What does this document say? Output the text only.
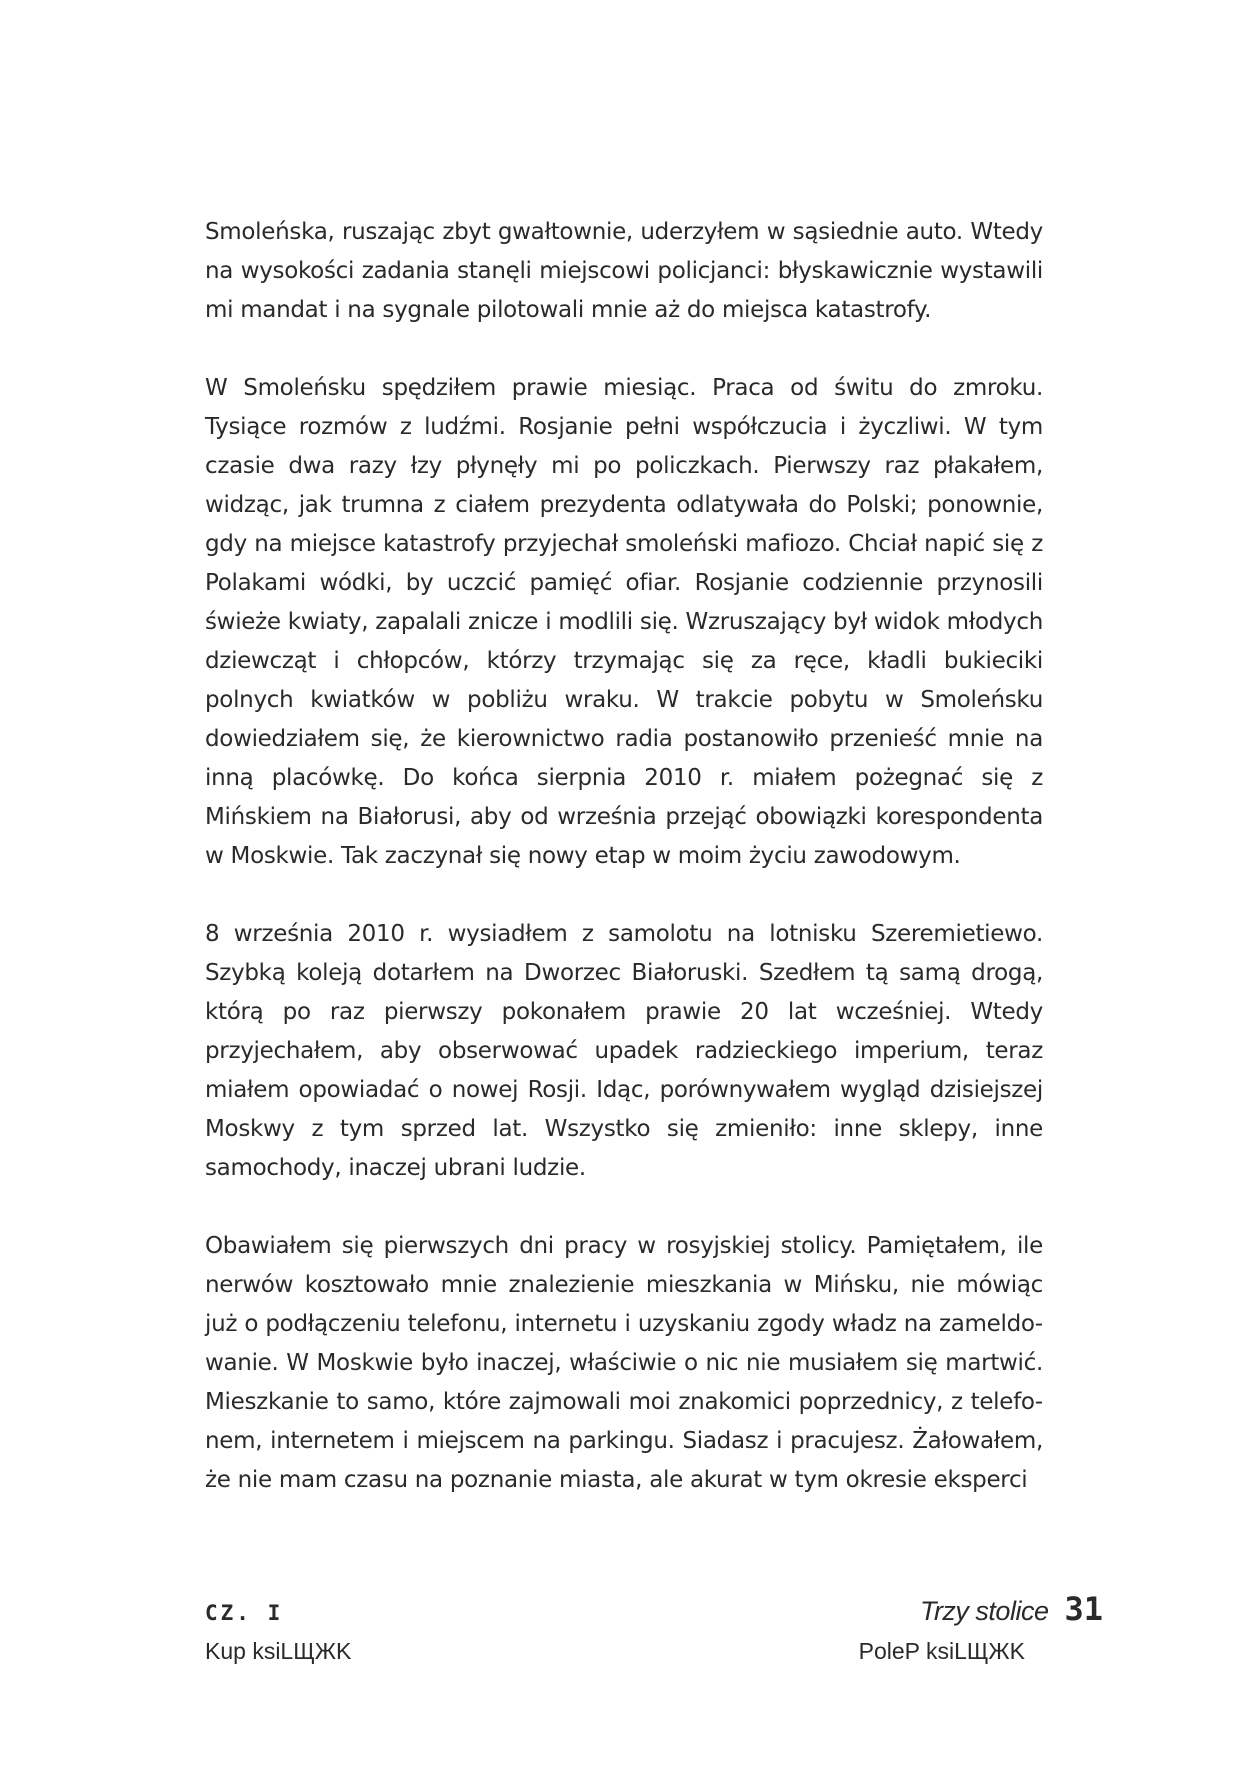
Smoleńska, ruszając zbyt gwałtownie, uderzyłem w sąsiednie auto. Wtedy na wysokości zadania stanęli miejscowi policjanci: błyskawicznie wystawili mi mandat i na sygnale pilotowali mnie aż do miejsca katastrofy.

W Smoleńsku spędziłem prawie miesiąc. Praca od świtu do zmroku. Tysiące rozmów z ludźmi. Rosjanie pełni współczucia i życzliwi. W tym czasie dwa razy łzy płynęły mi po policzkach. Pierwszy raz płakałem, widząc, jak trumna z ciałem prezydenta odlatywała do Polski; ponownie, gdy na miejsce katastrofy przyjechał smoleński mafiozo. Chciał napić się z Polakami wódki, by uczcić pamięć ofiar. Rosjanie codziennie przynosili świeże kwiaty, zapalali znicze i modlili się. Wzruszający był widok młodych dziewcząt i chłopców, którzy trzymając się za ręce, kładli bukieciki polnych kwiatków w pobliżu wraku. W trakcie pobytu w Smoleńsku dowiedziałem się, że kierownictwo radia postanowiło przenieść mnie na inną placówkę. Do końca sierpnia 2010 r. miałem pożegnać się z Mińskiem na Białorusi, aby od września przejąć obowiązki korespondenta w Moskwie. Tak zaczynał się nowy etap w moim życiu zawodowym.

8 września 2010 r. wysiadłem z samolotu na lotnisku Szeremietiewo. Szybką koleją dotarłem na Dworzec Białoruski. Szedłem tą samą drogą, którą po raz pierwszy pokonałem prawie 20 lat wcześniej. Wtedy przyjechałem, aby obserwować upadek radzieckiego imperium, teraz miałem opowiadać o nowej Rosji. Idąc, porównywałem wygląd dzisiejszej Moskwy z tym sprzed lat. Wszystko się zmieniło: inne sklepy, inne samochody, inaczej ubrani ludzie.

Obawiałem się pierwszych dni pracy w rosyjskiej stolicy. Pamiętałem, ile nerwów kosztowało mnie znalezienie mieszkania w Mińsku, nie mówiąc już o podłączeniu telefonu, internetu i uzyskaniu zgody władz na zameldowanie. W Moskwie było inaczej, właściwie o nic nie musiałem się martwić. Mieszkanie to samo, które zajmowali moi znakomici poprzednicy, z telefonem, internetem i miejscem na parkingu. Siadasz i pracujesz. Żałowałem, że nie mam czasu na poznanie miasta, ale akurat w tym okresie eksperci

CZ. I
Kup ksiLЩЖK
Trzy stolice 31
PoleP ksiLЩЖK
